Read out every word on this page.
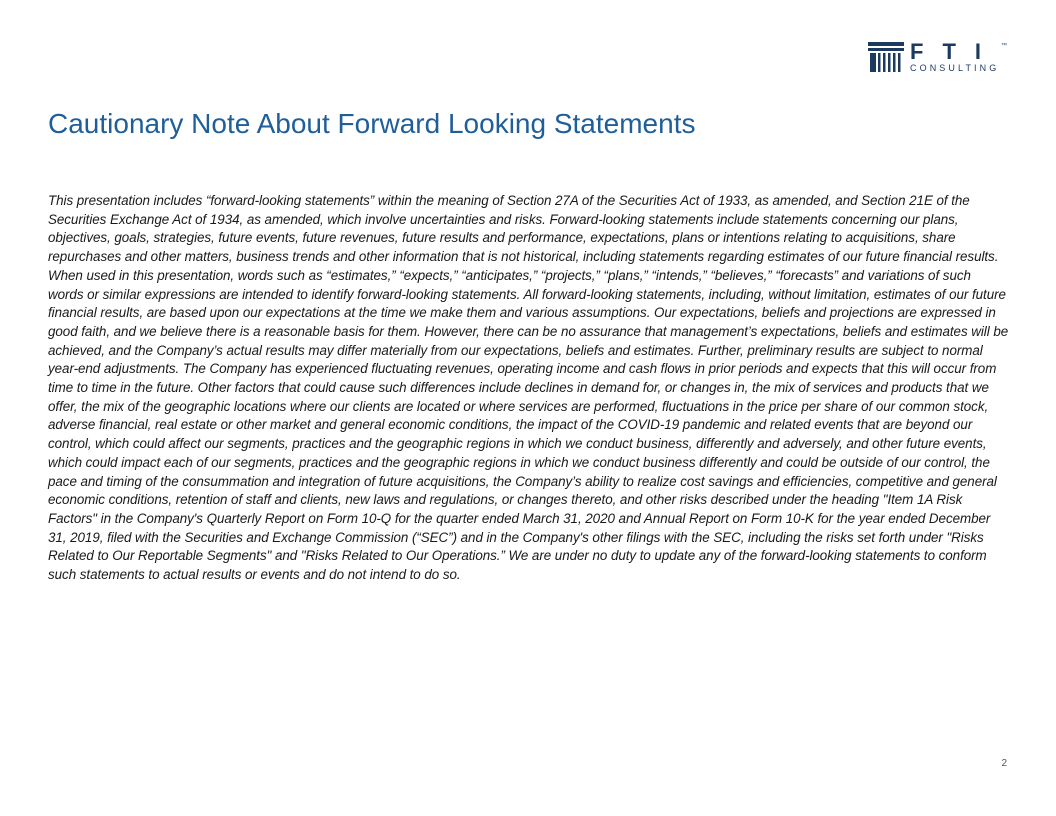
FTI ™
CONSULTING
Cautionary Note About Forward Looking Statements

This presentation includes “forward-looking statements” within the meaning of Section 27A of the Securities Act of 1933, as amended, and Section 21E of the Securities Exchange Act of 1934, as amended, which involve uncertainties and risks. Forward-looking statements include statements concerning our plans, objectives, goals, strategies, future events, future revenues, future results and performance, expectations, plans or intentions relating to acquisitions, share repurchases and other matters, business trends and other information that is not historical, including statements regarding estimates of our future financial results. When used in this presentation, words such as “estimates,” “expects,” “anticipates,” “projects,” “plans,” “intends,” “believes,” “forecasts” and variations of such words or similar expressions are intended to identify forward-looking statements. All forward-looking statements, including, without limitation, estimates of our future financial results, are based upon our expectations at the time we make them and various assumptions. Our expectations, beliefs and projections are expressed in good faith, and we believe there is a reasonable basis for them. However, there can be no assurance that management’s expectations, beliefs and estimates will be achieved, and the Company’s actual results may differ materially from our expectations, beliefs and estimates. Further, preliminary results are subject to normal year-end adjustments. The Company has experienced fluctuating revenues, operating income and cash flows in prior periods and expects that this will occur from time to time in the future. Other factors that could cause such differences include declines in demand for, or changes in, the mix of services and products that we offer, the mix of the geographic locations where our clients are located or where services are performed, fluctuations in the price per share of our common stock, adverse financial, real estate or other market and general economic conditions, the impact of the COVID-19 pandemic and related events that are beyond our control, which could affect our segments, practices and the geographic regions in which we conduct business, differently and adversely, and other future events, which could impact each of our segments, practices and the geographic regions in which we conduct business differently and could be outside of our control, the pace and timing of the consummation and integration of future acquisitions, the Company’s ability to realize cost savings and efficiencies, competitive and general economic conditions, retention of staff and clients, new laws and regulations, or changes thereto, and other risks described under the heading "Item 1A Risk Factors" in the Company's Quarterly Report on Form 10-Q for the quarter ended March 31, 2020 and Annual Report on Form 10-K for the year ended December 31, 2019, filed with the Securities and Exchange Commission (“SEC”) and in the Company's other filings with the SEC, including the risks set forth under "Risks Related to Our Reportable Segments" and "Risks Related to Our Operations.” We are under no duty to update any of the forward-looking statements to conform such statements to actual results or events and do not intend to do so.

2
